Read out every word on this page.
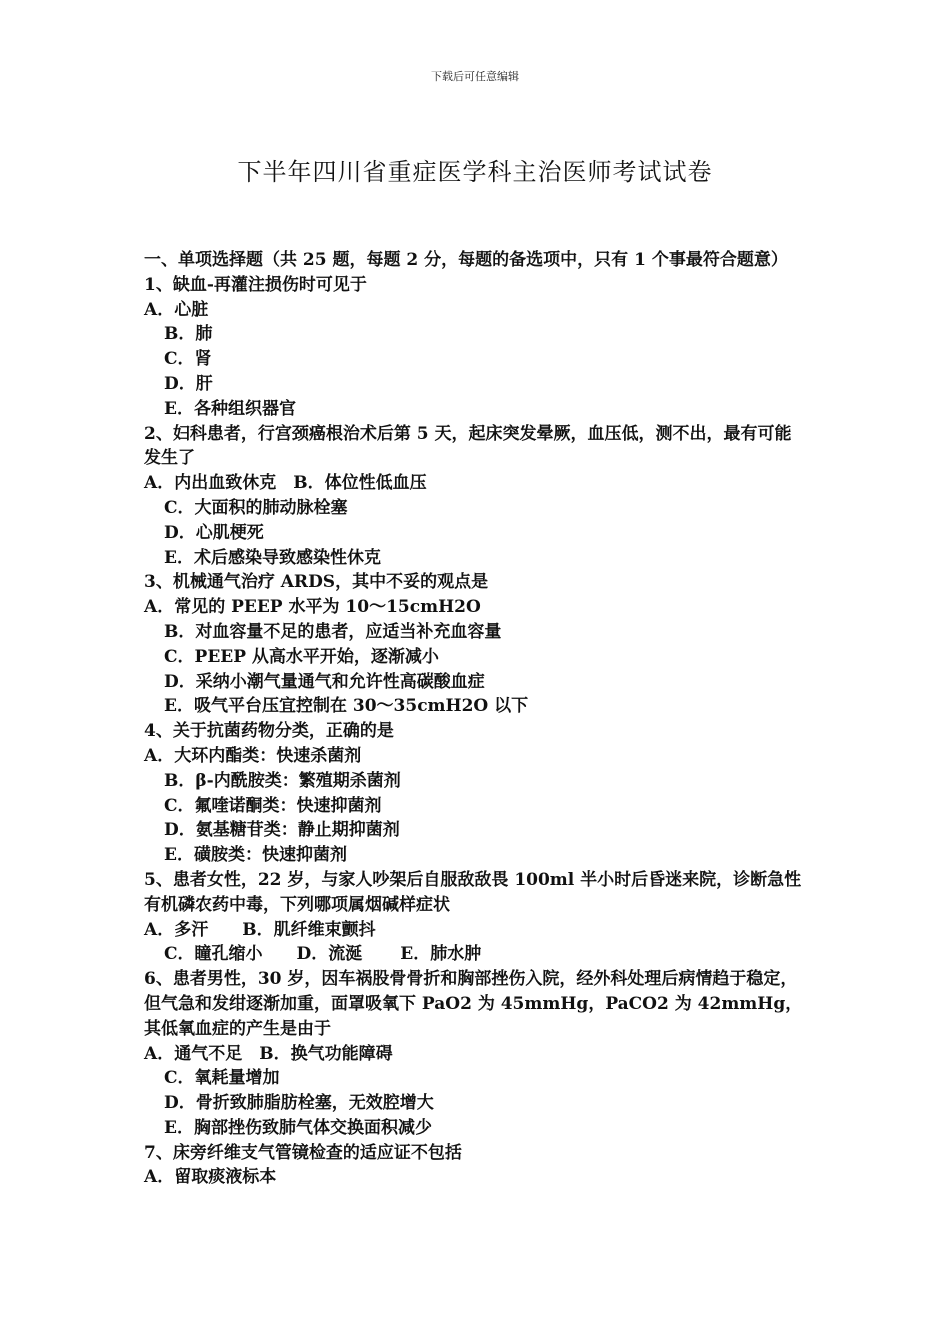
下载后可任意编辑
下半年四川省重症医学科主治医师考试试卷
一、单项选择题（共 25 题，每题 2 分，每题的备选项中，只有 1 个事最符合题意）
1、缺血-再灌注损伤时可见于
A．心脏
B．肺
C．肾
D．肝
E．各种组织器官
2、妇科患者，行宫颈癌根治术后第 5 天，起床突发晕厥，血压低，测不出，最有可能发生了
A．内出血致休克 B．体位性低血压
C．大面积的肺动脉栓塞
D．心肌梗死
E．术后感染导致感染性休克
3、机械通气治疗 ARDS，其中不妥的观点是
A．常见的 PEEP 水平为 10～15cmH2O
B．对血容量不足的患者，应适当补充血容量
C．PEEP 从高水平开始，逐渐减小
D．采纳小潮气量通气和允许性高碳酸血症
E．吸气平台压宜控制在 30～35cmH2O 以下
4、关于抗菌药物分类，正确的是
A．大环内酯类：快速杀菌剂
B．β-内酰胺类：繁殖期杀菌剂
C．氟喹诺酮类：快速抑菌剂
D．氨基糖苷类：静止期抑菌剂
E．磺胺类：快速抑菌剂
5、患者女性，22 岁，与家人吵架后自服敌敌畏 100ml 半小时后昏迷来院，诊断急性有机磷农药中毒，下列哪项属烟碱样症状
A．多汗 B．肌纤维束颤抖
C．瞳孔缩小 D．流涎 E．肺水肿
6、患者男性，30 岁，因车祸股骨骨折和胸部挫伤入院，经外科处理后病情趋于稳定，但气急和发绀逐渐加重，面罩吸氧下 PaO2 为 45mmHg，PaCO2 为 42mmHg，其低氧血症的产生是由于
A．通气不足 B．换气功能障碍
C．氧耗量增加
D．骨折致肺脂肪栓塞，无效腔增大
E．胸部挫伤致肺气体交换面积减少
7、床旁纤维支气管镜检查的适应证不包括
A．留取痰液标本
